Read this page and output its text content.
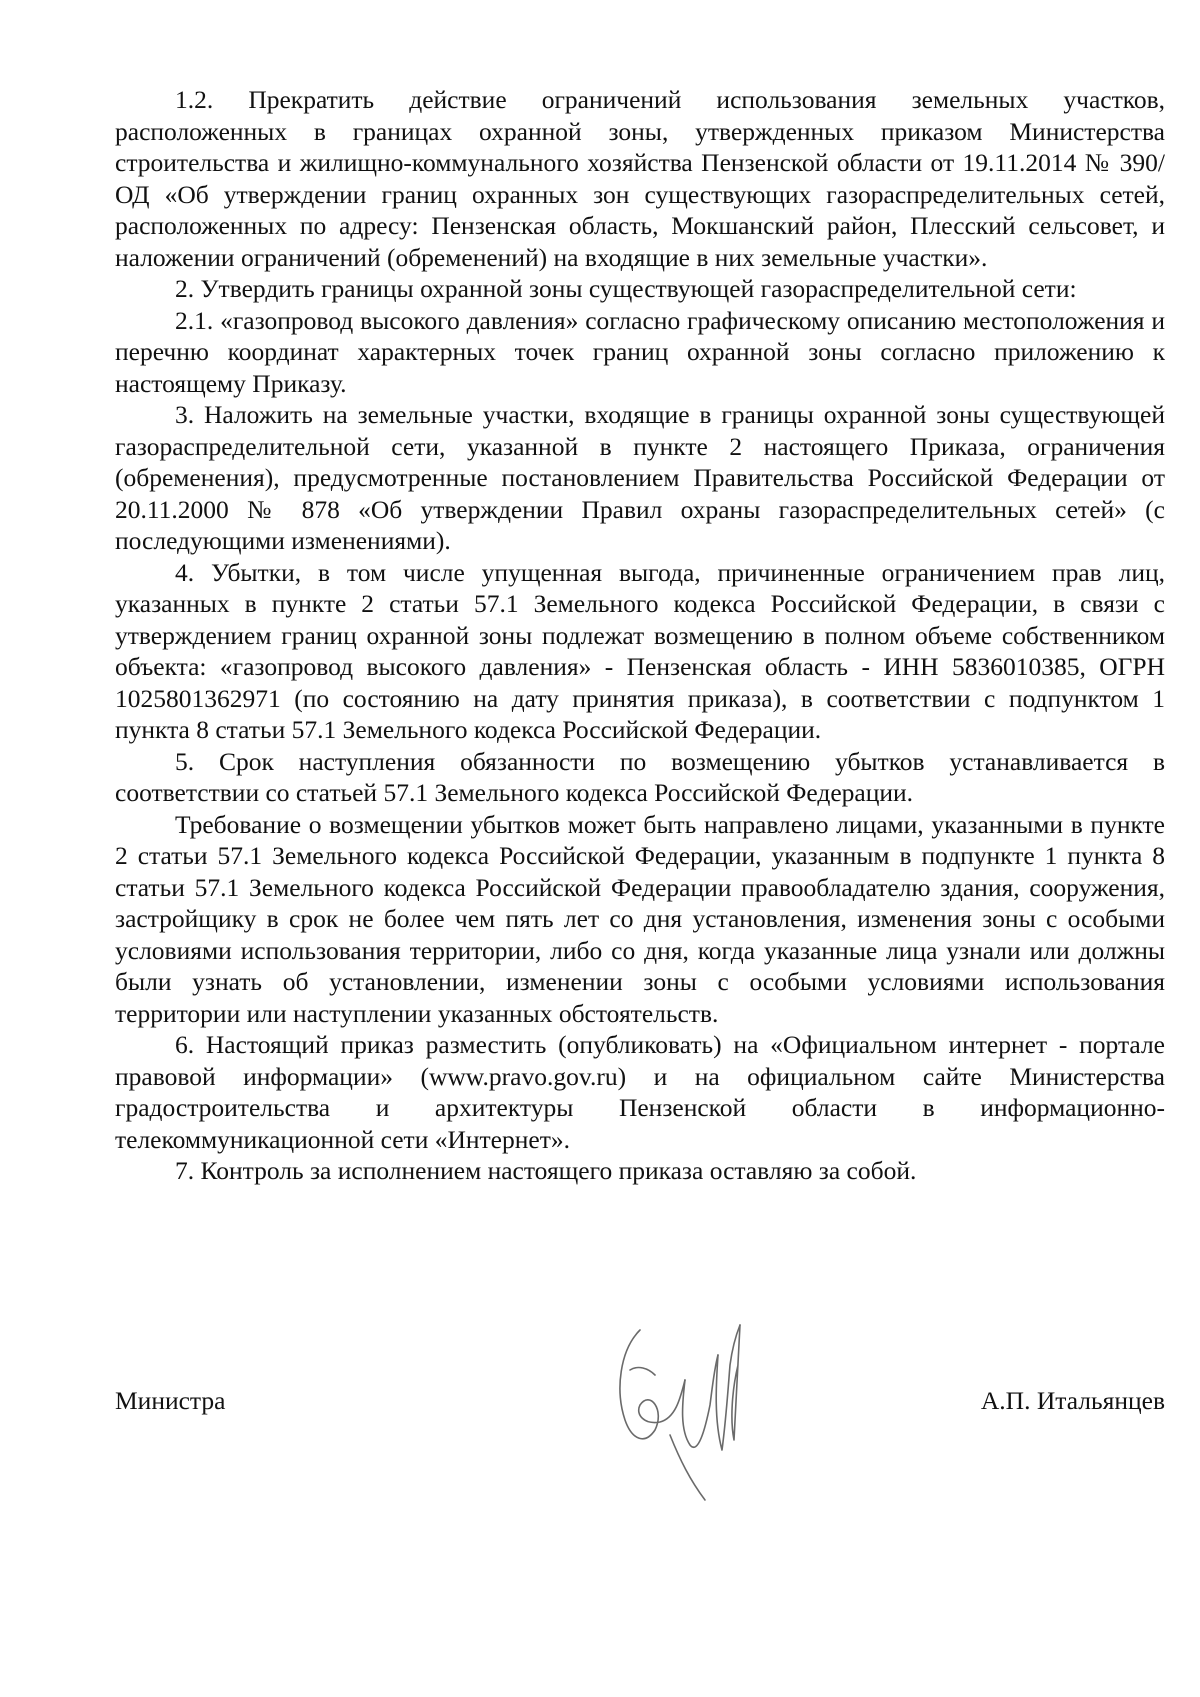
1.2. Прекратить действие ограничений использования земельных участков, расположенных в границах охранной зоны, утвержденных приказом Министерства строительства и жилищно-коммунального хозяйства Пензенской области от 19.11.2014 № 390/ОД «Об утверждении границ охранных зон существующих газораспределительных сетей, расположенных по адресу: Пензенская область, Мокшанский район, Плесский сельсовет, и наложении ограничений (обременений) на входящие в них земельные участки».

2. Утвердить границы охранной зоны существующей газораспределительной сети:

2.1. «газопровод высокого давления» согласно графическому описанию местоположения и перечню координат характерных точек границ охранной зоны согласно приложению к настоящему Приказу.

3. Наложить на земельные участки, входящие в границы охранной зоны существующей газораспределительной сети, указанной в пункте 2 настоящего Приказа, ограничения (обременения), предусмотренные постановлением Правительства Российской Федерации от 20.11.2000 № 878 «Об утверждении Правил охраны газораспределительных сетей» (с последующими изменениями).

4. Убытки, в том числе упущенная выгода, причиненные ограничением прав лиц, указанных в пункте 2 статьи 57.1 Земельного кодекса Российской Федерации, в связи с утверждением границ охранной зоны подлежат возмещению в полном объеме собственником объекта: «газопровод высокого давления» - Пензенская область - ИНН 5836010385, ОГРН 1025801362971 (по состоянию на дату принятия приказа), в соответствии с подпунктом 1 пункта 8 статьи 57.1 Земельного кодекса Российской Федерации.

5. Срок наступления обязанности по возмещению убытков устанавливается в соответствии со статьей 57.1 Земельного кодекса Российской Федерации.

Требование о возмещении убытков может быть направлено лицами, указанными в пункте 2 статьи 57.1 Земельного кодекса Российской Федерации, указанным в подпункте 1 пункта 8 статьи 57.1 Земельного кодекса Российской Федерации правообладателю здания, сооружения, застройщику в срок не более чем пять лет со дня установления, изменения зоны с особыми условиями использования территории, либо со дня, когда указанные лица узнали или должны были узнать об установлении, изменении зоны с особыми условиями использования территории или наступлении указанных обстоятельств.

6. Настоящий приказ разместить (опубликовать) на «Официальном интернет - портале правовой информации» (www.pravo.gov.ru) и на официальном сайте Министерства градостроительства и архитектуры Пензенской области в информационно-телекоммуникационной сети «Интернет».

7. Контроль за исполнением настоящего приказа оставляю за собой.

Министра	А.П. Итальянцев
